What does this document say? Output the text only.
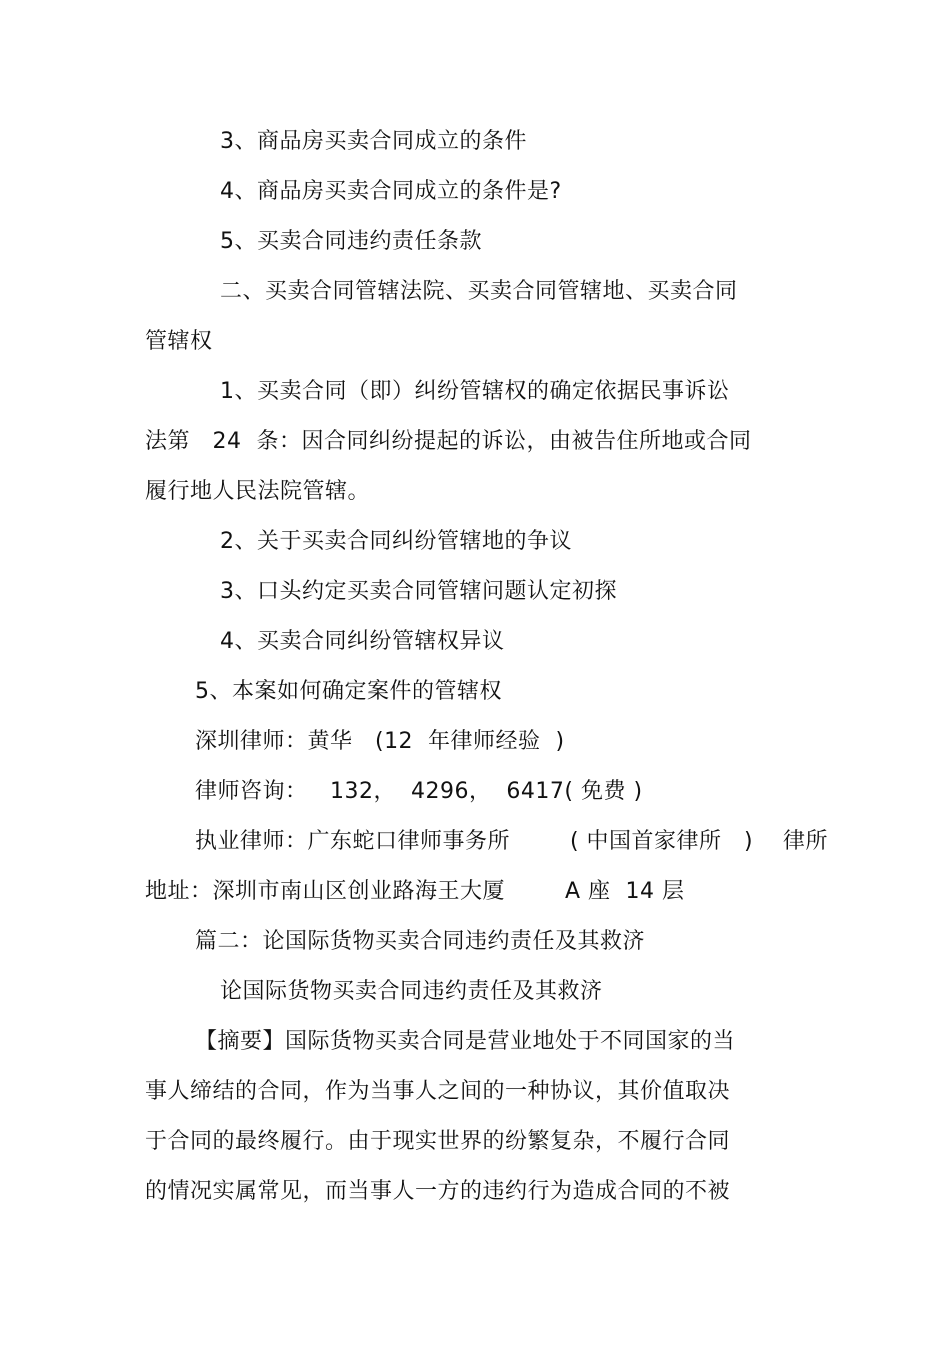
3、商品房买卖合同成立的条件
4、商品房买卖合同成立的条件是?
5、买卖合同违约责任条款
二、买卖合同管辖法院、买卖合同管辖地、买卖合同
管辖权
1、买卖合同（即）纠纷管辖权的确定依据民事诉讼
法第   24  条：因合同纠纷提起的诉讼，由被告住所地或合同
履行地人民法院管辖。
2、关于买卖合同纠纷管辖地的争议
3、口头约定买卖合同管辖问题认定初探
4、买卖合同纠纷管辖权异议
5、本案如何确定案件的管辖权
深圳律师：黄华   (12  年律师经验  )
律师咨询：   132，  4296，  6417( 免费 )
执业律师：广东蛇口律师事务所        ( 中国首家律所   )    律所
地址：深圳市南山区创业路海王大厦        A 座  14 层
篇二：论国际货物买卖合同违约责任及其救济
论国际货物买卖合同违约责任及其救济
【摘要】国际货物买卖合同是营业地处于不同国家的当
事人缔结的合同，作为当事人之间的一种协议，其价值取决
于合同的最终履行。由于现实世界的纷繁复杂，不履行合同
的情况实属常见，而当事人一方的违约行为造成合同的不被
